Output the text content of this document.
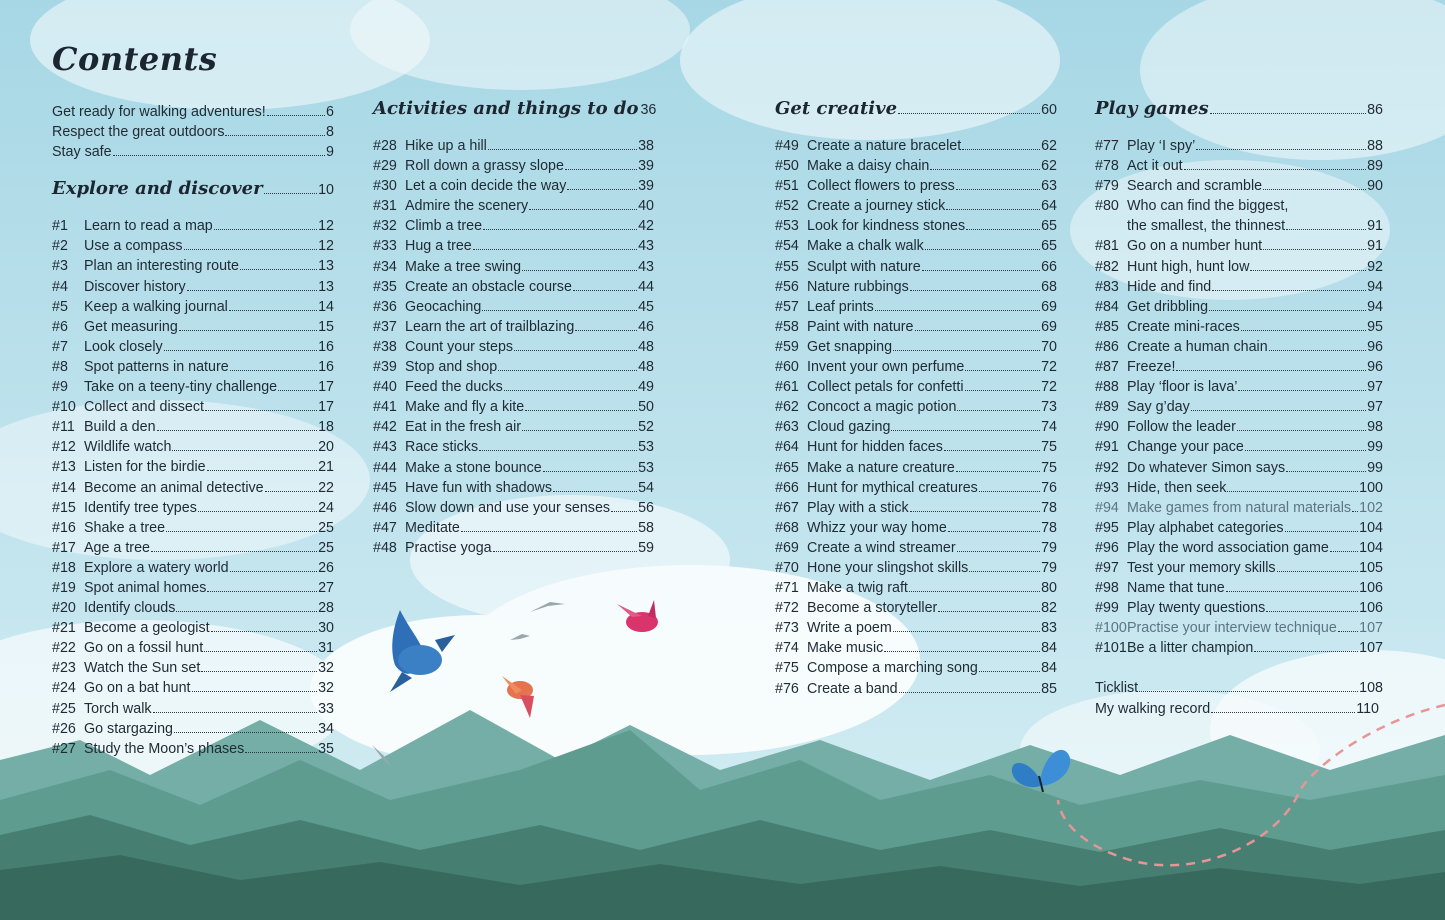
Contents
Get ready for walking adventures!	6
Respect the great outdoors	8
Stay safe	9
Explore and discover	10
#1	Learn to read a map	12
#2	Use a compass	12
#3	Plan an interesting route	13
#4	Discover history	13
#5	Keep a walking journal	14
#6	Get measuring	15
#7	Look closely	16
#8	Spot patterns in nature	16
#9	Take on a teeny-tiny challenge	17
#10 Collect and dissect	17
#11 Build a den	18
#12 Wildlife watch	20
#13 Listen for the birdie	21
#14 Become an animal detective	22
#15 Identify tree types	24
#16 Shake a tree	25
#17 Age a tree	25
#18 Explore a watery world	26
#19 Spot animal homes	27
#20 Identify clouds	28
#21 Become a geologist	30
#22 Go on a fossil hunt	31
#23 Watch the Sun set	32
#24 Go on a bat hunt	32
#25 Torch walk	33
#26 Go stargazing	34
#27 Study the Moon’s phases	35
Activities and things to do 36
#28 Hike up a hill	38
#29 Roll down a grassy slope	39
#30 Let a coin decide the way	39
#31 Admire the scenery	40
#32 Climb a tree	42
#33 Hug a tree	43
#34 Make a tree swing	43
#35 Create an obstacle course	44
#36 Geocaching	45
#37 Learn the art of trailblazing	46
#38 Count your steps	48
#39 Stop and shop	48
#40 Feed the ducks	49
#41 Make and fly a kite	50
#42 Eat in the fresh air	52
#43 Race sticks	53
#44 Make a stone bounce	53
#45 Have fun with shadows	54
#46 Slow down and use your senses 56
#47 Meditate	58
#48 Practise yoga	59
Get creative	60
#49 Create a nature bracelet	62
#50 Make a daisy chain	62
#51 Collect flowers to press	63
#52 Create a journey stick	64
#53 Look for kindness stones	65
#54 Make a chalk walk	65
#55 Sculpt with nature	66
#56 Nature rubbings	68
#57 Leaf prints	69
#58 Paint with nature	69
#59 Get snapping	70
#60 Invent your own perfume	72
#61 Collect petals for confetti	72
#62 Concoct a magic potion	73
#63 Cloud gazing	74
#64 Hunt for hidden faces	75
#65 Make a nature creature	75
#66 Hunt for mythical creatures	76
#67 Play with a stick	78
#68 Whizz your way home	78
#69 Create a wind streamer	79
#70 Hone your slingshot skills	79
#71 Make a twig raft	80
#72 Become a storyteller	82
#73 Write a poem	83
#74 Make music	84
#75 Compose a marching song	84
#76 Create a band	85
Play games	86
#77 Play ‘I spy’	88
#78 Act it out	89
#79 Search and scramble	90
#80 Who can find the biggest,
the smallest, the thinnest	91
#81 Go on a number hunt	91
#82 Hunt high, hunt low	92
#83 Hide and find	94
#84 Get dribbling	94
#85 Create mini-races	95
#86 Create a human chain	96
#87 Freeze!	96
#88 Play ‘floor is lava’	97
#89 Say g’day	97
#90 Follow the leader	98
#91 Change your pace	99
#92 Do whatever Simon says	99
#93 Hide, then seek	100
#94 Make games from natural materials 102
#95 Play alphabet categories	104
#96 Play the word association game 104
#97 Test your memory skills	105
#98 Name that tune	106
#99 Play twenty questions	106
#100 Practise your interview technique 107
#101 Be a litter champion	107
Ticklist	108
My walking record	110
